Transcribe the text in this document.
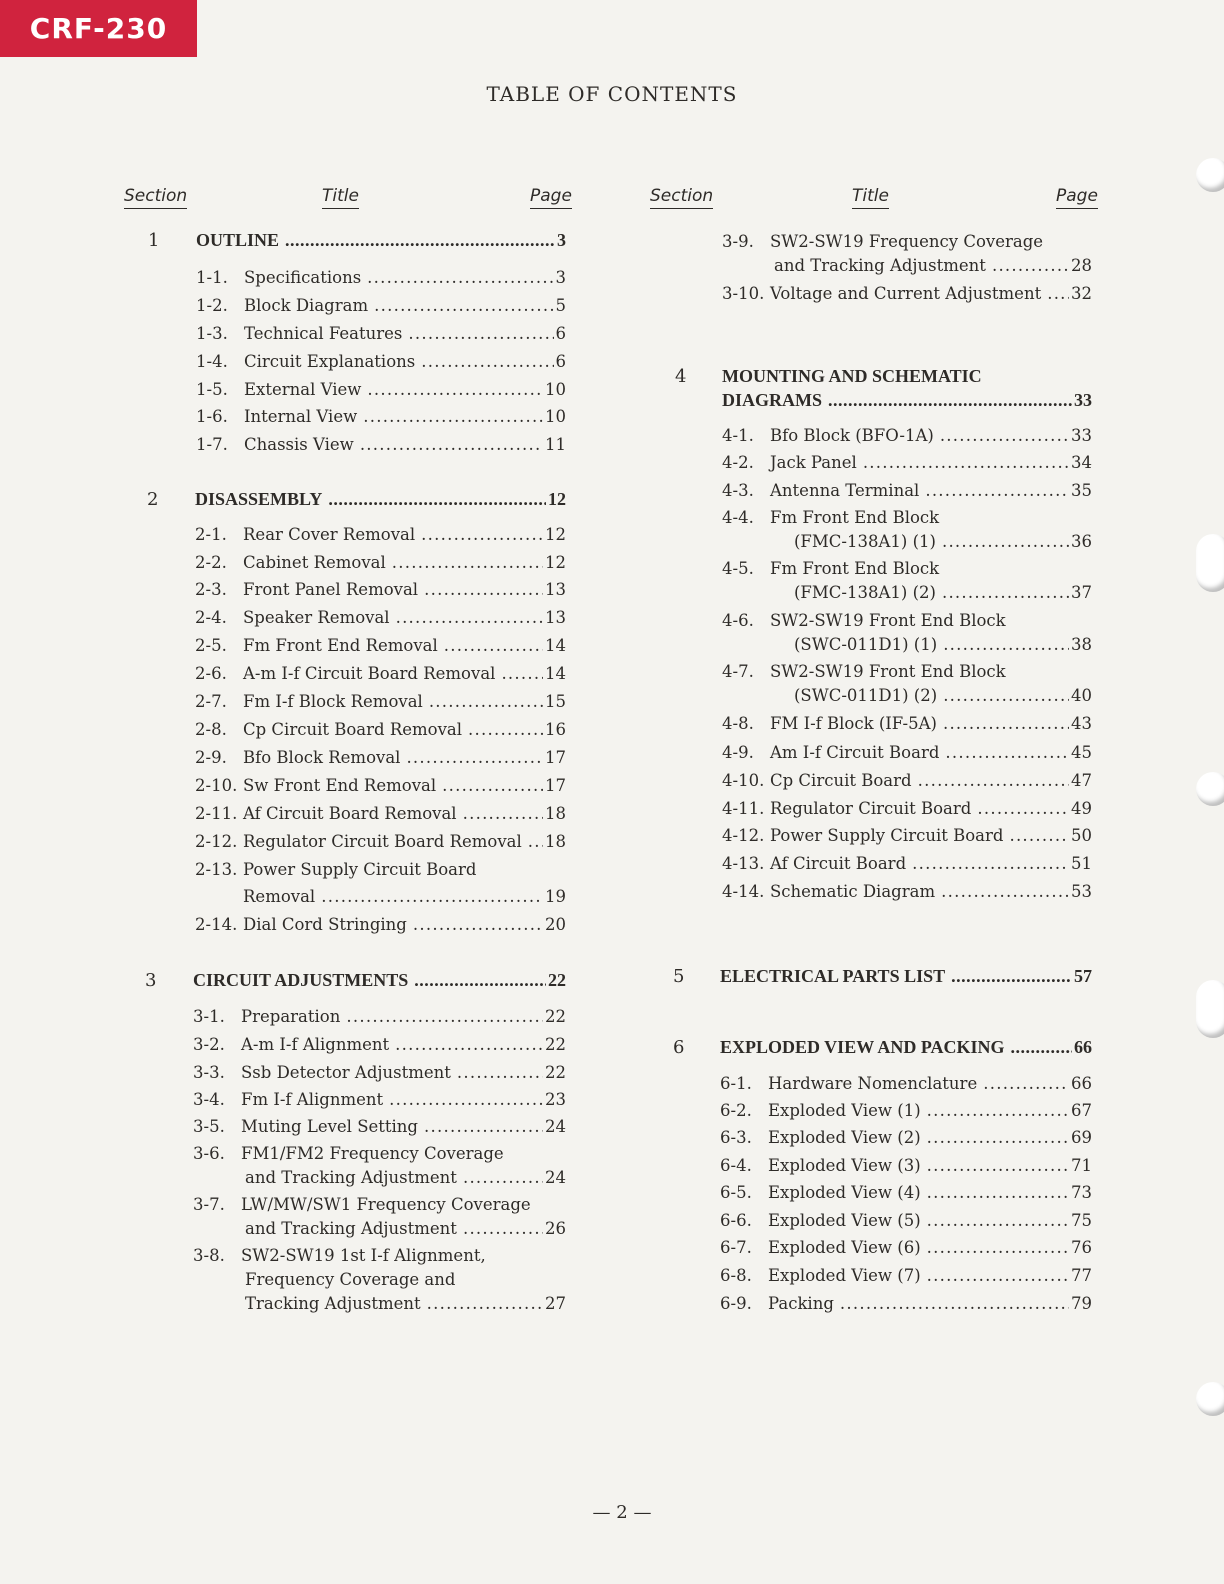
CRF-230
TABLE OF CONTENTS
Section	Title	Page	Section	Title	Page
1 OUTLINE . . .	3
1-1. Specifications . . .	3
1-2. Block Diagram . . .	5
1-3. Technical Features . . .	6
1-4. Circuit Explanations . . .	6
1-5. External View . . .	10
1-6. Internal View . . .	10
1-7. Chassis View . . .	11
2 DISASSEMBLY . . .	12
2-1. Rear Cover Removal . . .	12
2-2. Cabinet Removal . . .	12
2-3. Front Panel Removal . . .	13
2-4. Speaker Removal . . .	13
2-5. Fm Front End Removal . . .	14
2-6. A-m I-f Circuit Board Removal . . .	14
2-7. Fm I-f Block Removal . . .	15
2-8. Cp Circuit Board Removal . . .	16
2-9. Bfo Block Removal . . .	17
2-10. Sw Front End Removal . . .	17
2-11. Af Circuit Board Removal . . .	18
2-12. Regulator Circuit Board Removal . . . 18
2-13. Power Supply Circuit Board
Removal . . .	19
2-14. Dial Cord Stringing . . .	20
3 CIRCUIT ADJUSTMENTS . . .	22
3-1. Preparation . . .	22
3-2. A-m I-f Alignment . . .	22
3-3. Ssb Detector Adjustment . . .	22
3-4. Fm I-f Alignment . . .	23
3-5. Muting Level Setting . . .	24
3-6. FM1/FM2 Frequency Coverage
and Tracking Adjustment . . .	24
3-7. LW/MW/SW1 Frequency Coverage
and Tracking Adjustment . . .	26
3-8. SW2-SW19 1st I-f Alignment,
Frequency Coverage and
Tracking Adjustment . . .	27
3-9. SW2-SW19 Frequency Coverage
and Tracking Adjustment . . .	28
3-10. Voltage and Current Adjustment . . . 32
4 MOUNTING AND SCHEMATIC
DIAGRAMS . . .	33
4-1. Bfo Block (BFO-1A) . . .	33
4-2. Jack Panel . . .	34
4-3. Antenna Terminal . . .	35
4-4. Fm Front End Block
(FMC-138A1) (1) . . .	36
4-5. Fm Front End Block
(FMC-138A1) (2) . . .	37
4-6. SW2-SW19 Front End Block
(SWC-011D1) (1) . . .	38
4-7. SW2-SW19 Front End Block
(SWC-011D1) (2) . . .	40
4-8. FM I-f Block (IF-5A) . . .	43
4-9. Am I-f Circuit Board . . .	45
4-10. Cp Circuit Board . . .	47
4-11. Regulator Circuit Board . . .	49
4-12. Power Supply Circuit Board . . .	50
4-13. Af Circuit Board . . .	51
4-14. Schematic Diagram . . .	53
5 ELECTRICAL PARTS LIST . . .	57
6 EXPLODED VIEW AND PACKING . . .	66
6-1. Hardware Nomenclature . . .	66
6-2. Exploded View (1) . . .	67
6-3. Exploded View (2) . . .	69
6-4. Exploded View (3) . . .	71
6-5. Exploded View (4) . . .	73
6-6. Exploded View (5) . . .	75
6-7. Exploded View (6) . . .	76
6-8. Exploded View (7) . . .	77
6-9. Packing . . .	79
— 2 —
